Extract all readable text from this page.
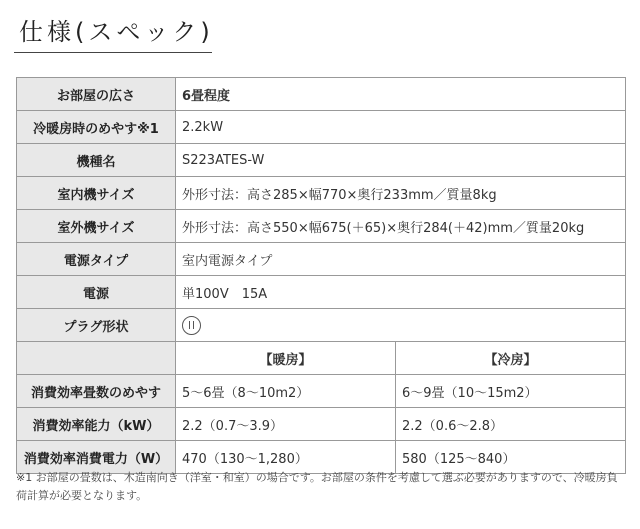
仕様(スペック)
お部屋の広さ	6畳程度	
冷暖房時のめやす※1	2.2kW	
機種名	S223ATES-W	
室内機サイズ	外形寸法：高さ285×幅770×奥行233mm／質量8kg	
室外機サイズ	外形寸法：高さ550×幅675(＋65)×奥行284(＋42)mm／質量20kg	
電源タイプ	室内電源タイプ	
電源	単100V　15A	
プラグ形状		
	【暖房】	【冷房】
消費効率畳数のめやす	5〜6畳（8〜10m2）	6〜9畳（10〜15m2）
消費効率能力（kW）	2.2（0.7〜3.9）	2.2（0.6〜2.8）
消費効率消費電力（W）	470（130〜1,280）	580（125〜840）

※1 お部屋の畳数は、木造南向き（洋室・和室）の場合です。お部屋の条件を考慮して選ぶ必要がありますので、冷暖房負荷計算が必要となります。
